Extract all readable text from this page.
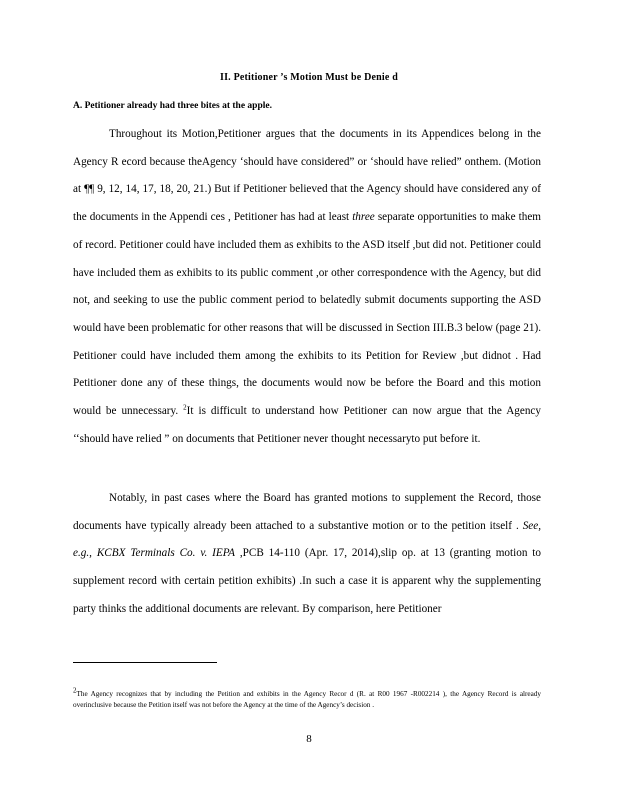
II. Petitioner ’s Motion Must be Denie d
A. Petitioner already had three bites at the apple.

Throughout its Motion,Petitioner argues that the documents in its Appendices belong in the Agency R ecord because theAgency ‘should have considered” or ‘should have relied” onthem. (Motion at ¶¶ 9, 12, 14, 17, 18, 20, 21.) But if Petitioner believed that the Agency should have considered any of the documents in the Appendi ces , Petitioner has had at least three separate opportunities to make them of record. Petitioner could have included them as exhibits to the ASD itself ,but did not. Petitioner could have included them as exhibits to its public comment ,or other correspondence with the Agency, but did not, and seeking to use the public comment period to belatedly submit documents supporting the ASD would have been problematic for other reasons that will be discussed in Section III.B.3 below (page 21). Petitioner could have included them among the exhibits to its Petition for Review ,but didnot . Had Petitioner done any of these things, the documents would now be before the Board and this motion would be unnecessary. $^2$It is difficult to understand how Petitioner can now argue that the Agency ‘‘should have relied ” on documents that Petitioner never thought necessaryto put before it.

Notably, in past cases where the Board has granted motions to supplement the Record, those documents have typically already been attached to a substantive motion or to the petition itself . See, e.g., KCBX Terminals Co. v. IEPA ,PCB 14-110 (Apr. 17, 2014),slip op. at 13 (granting motion to supplement record with certain petition exhibits) .In such a case it is apparent why the supplementing party thinks the additional documents are relevant. By comparison, here Petitioner

$^2$The Agency recognizes that by including the Petition and exhibits in the Agency Recor d (R. at R00 1967 -R002214 ), the Agency Record is already overinclusive because the Petition itself was not before the Agency at the time of the Agency’s decision .
8
